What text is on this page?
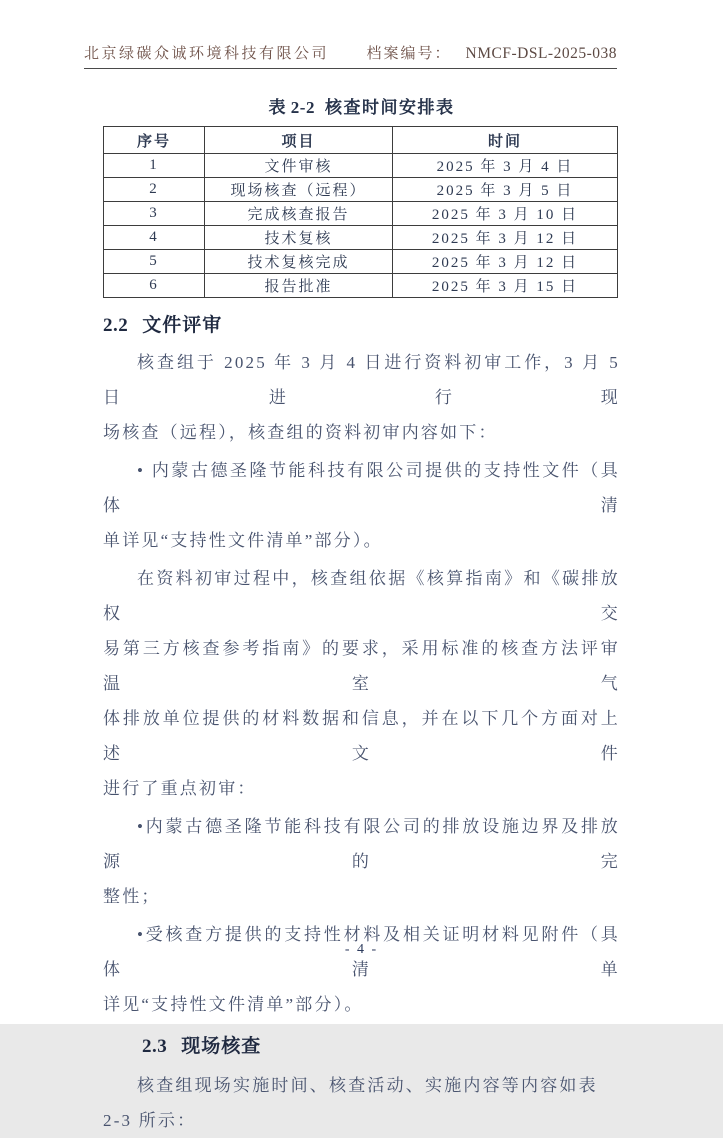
北京绿碳众诚环境科技有限公司	档案编号： NMCF-DSL-2025-038
表 2-2 核查时间安排表
序号	项目	时间
1	文件审核	2025 年 3 月 4 日
2	现场核查（远程）	2025 年 3 月 5 日
3	完成核查报告	2025 年 3 月 10 日
4	技术复核	2025 年 3 月 12 日
5	技术复核完成	2025 年 3 月 12 日
6	报告批准	2025 年 3 月 15 日
2.2 文件评审
核查组于 2025 年 3 月 4 日进行资料初审工作，3 月 5 日进行现
场核查（远程），核查组的资料初审内容如下：
• 内蒙古德圣隆节能科技有限公司提供的支持性文件（具体清
单详见“支持性文件清单”部分）。
在资料初审过程中，核查组依据《核算指南》和《碳排放权交
易第三方核查参考指南》的要求，采用标准的核查方法评审温室气
体排放单位提供的材料数据和信息，并在以下几个方面对上述文件
进行了重点初审：
•内蒙古德圣隆节能科技有限公司的排放设施边界及排放源的完
整性；
•受核查方提供的支持性材料及相关证明材料见附件（具体清单
详见“支持性文件清单”部分）。
2.3 现场核查
核查组现场实施时间、核查活动、实施内容等内容如表 2-3 所示：
- 4 -
